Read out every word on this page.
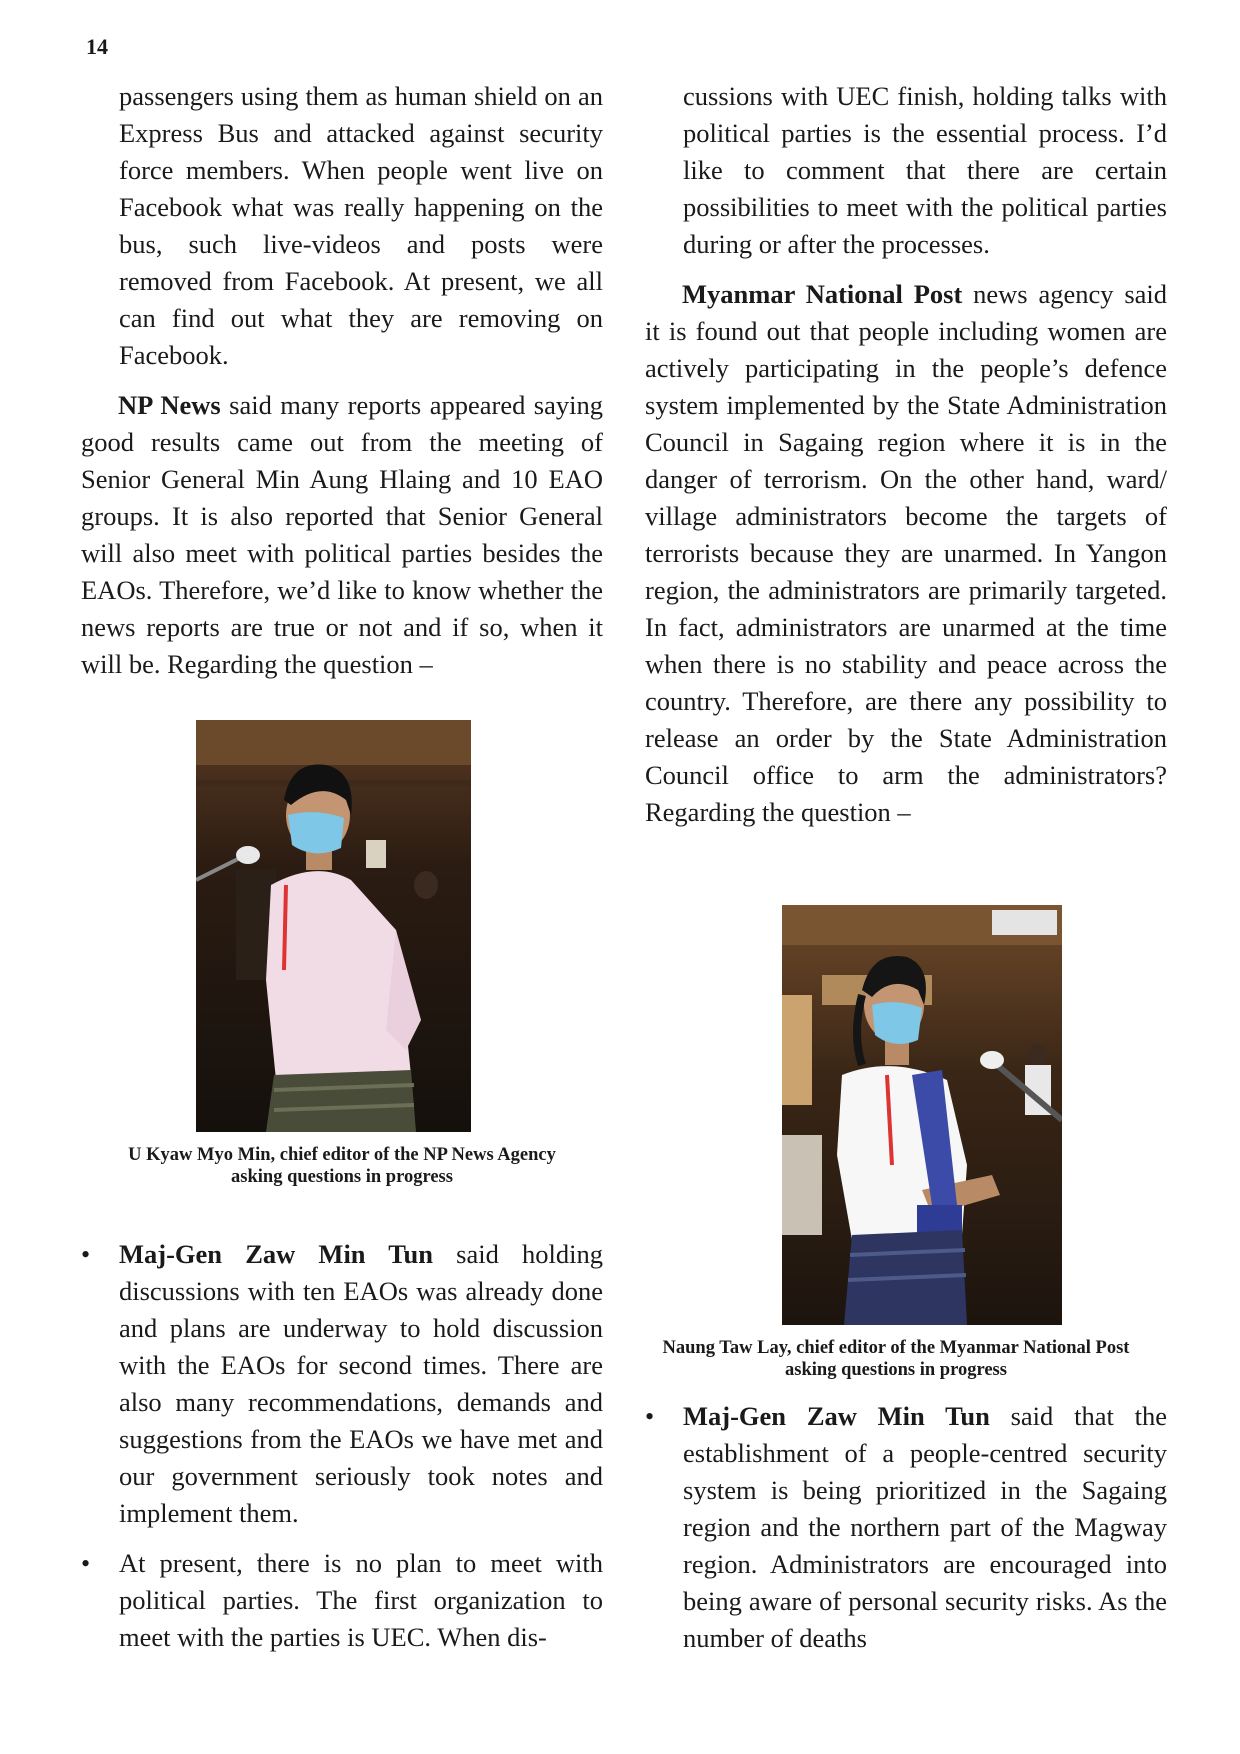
14

passengers using them as human shield on an Express Bus and attacked against security force members. When people went live on Facebook what was really happening on the bus, such live-videos and posts were removed from Facebook. At present, we all can find out what they are removing on Facebook.

NP News said many reports appeared saying good results came out from the meeting of Senior General Min Aung Hlaing and 10 EAO groups. It is also reported that Senior General will also meet with political parties besides the EAOs. Therefore, we’d like to know whether the news reports are true or not and if so, when it will be. Regarding the question –

U Kyaw Myo Min, chief editor of the NP News Agency
asking questions in progress
•	Maj-Gen Zaw Min Tun said holding discussions with ten EAOs was already done and plans are underway to hold discussion with the EAOs for second times. There are also many recommendations, demands and suggestions from the EAOs we have met and our government seriously took notes and implement them.
•	At present, there is no plan to meet with political parties. The first organization to meet with the parties is UEC. When dis-

cussions with UEC finish, holding talks with political parties is the essential process. I’d like to comment that there are certain possibilities to meet with the political parties during or after the processes.

Myanmar National Post news agency said it is found out that people including women are actively participating in the people’s defence system implemented by the State Administration Council in Sagaing region where it is in the danger of terrorism. On the other hand, ward/ village administrators become the targets of terrorists because they are unarmed. In Yangon region, the administrators are primarily targeted. In fact, administrators are unarmed at the time when there is no stability and peace across the country. Therefore, are there any possibility to release an order by the State Administration Council office to arm the administrators? Regarding the question –

Naung Taw Lay, chief editor of the Myanmar National Post
asking questions in progress
•	Maj-Gen Zaw Min Tun said that the establishment of a people-centred security system is being prioritized in the Sagaing region and the northern part of the Magway region. Administrators are encouraged into being aware of personal security risks. As the number of deaths
